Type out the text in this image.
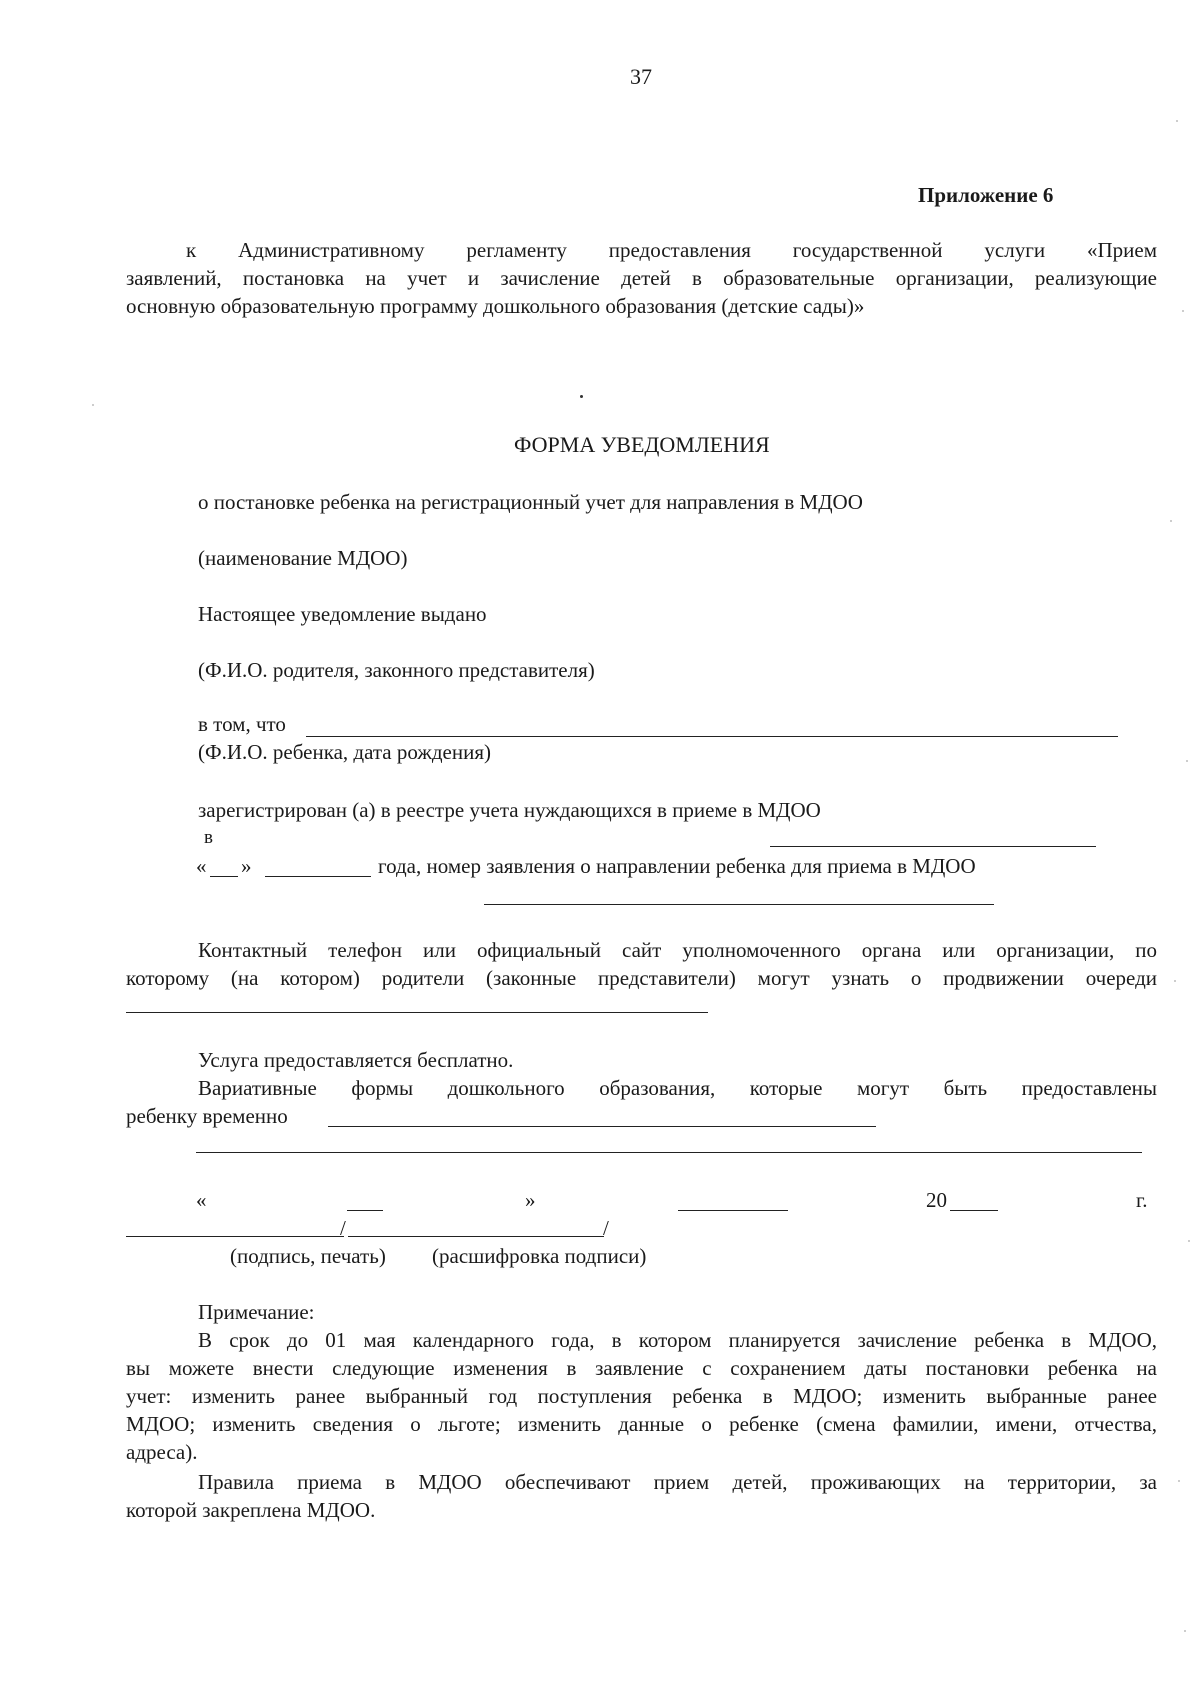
37
Приложение 6
к Административному регламенту предоставления государственной услуги «Прием
заявлений, постановка на учет и зачисление детей в образовательные организации, реализующие
основную образовательную программу дошкольного образования (детские сады)»
ФОРМА УВЕДОМЛЕНИЯ
о постановке ребенка на регистрационный учет для направления в МДОО
(наименование МДОО)
Настоящее уведомление выдано
(Ф.И.О. родителя, законного представителя)
в том, что
(Ф.И.О. ребенка, дата рождения)
зарегистрирован (а) в реестре учета нуждающихся в приеме в МДОО
в
« »	года, номер заявления о направлении ребенка для приема в МДОО
Контактный телефон или официальный сайт уполномоченного органа или организации, по
которому (на котором) родители (законные представители) могут узнать о продвижении очереди
Услуга предоставляется бесплатно.
Вариативные формы дошкольного образования, которые могут быть предоставлены
ребенку временно
«	»	20	г.
/	/
(подпись, печать) (расшифровка подписи)
Примечание:
В срок до 01 мая календарного года, в котором планируется зачисление ребенка в МДОО,
вы можете внести следующие изменения в заявление с сохранением даты постановки ребенка на
учет: изменить ранее выбранный год поступления ребенка в МДОО; изменить выбранные ранее
МДОО; изменить сведения о льготе; изменить данные о ребенке (смена фамилии, имени, отчества,
адреса).
Правила приема в МДОО обеспечивают прием детей, проживающих на территории, за
которой закреплена МДОО.
